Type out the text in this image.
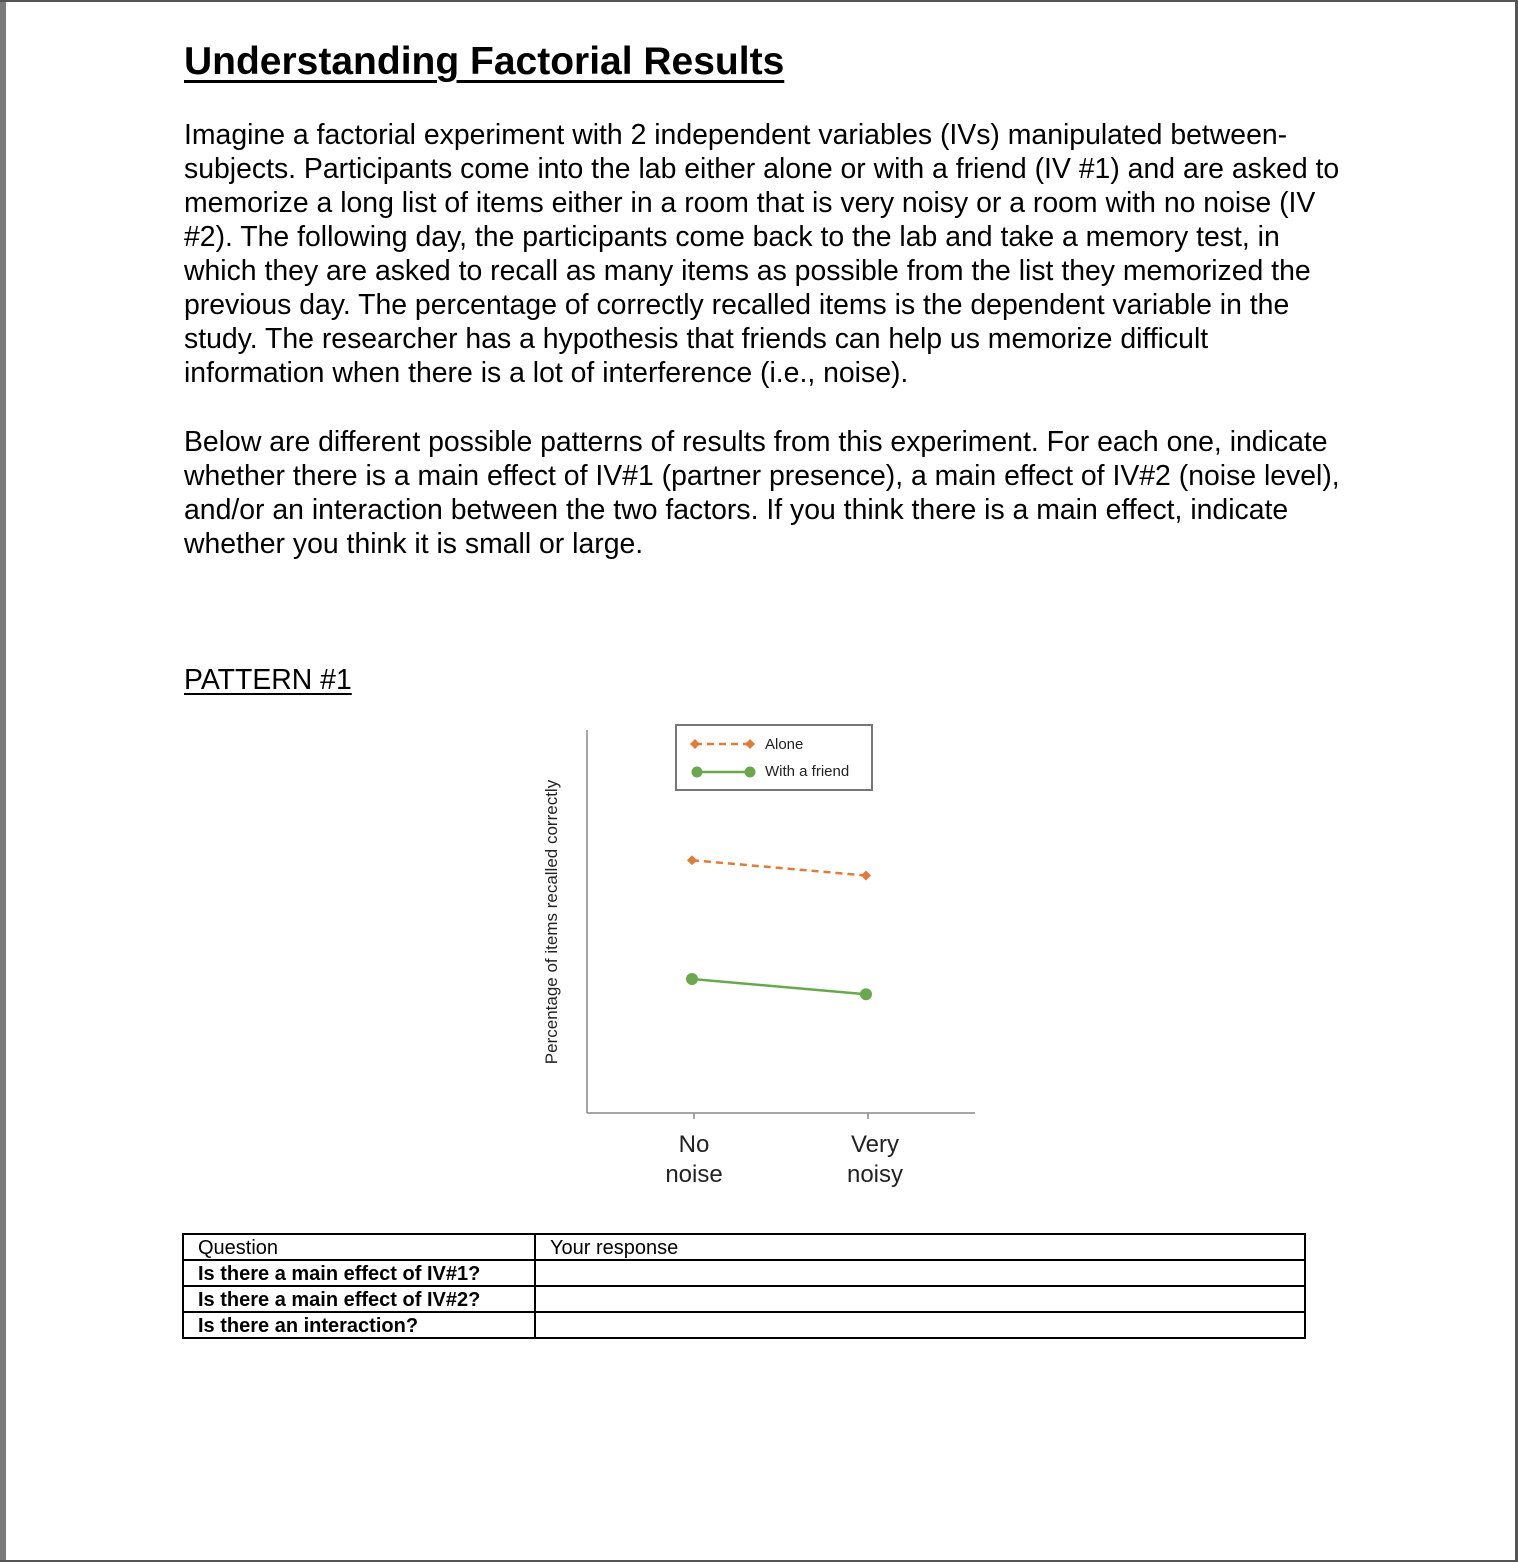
Understanding Factorial Results

Imagine a factorial experiment with 2 independent variables (IVs) manipulated between-subjects. Participants come into the lab either alone or with a friend (IV #1) and are asked to memorize a long list of items either in a room that is very noisy or a room with no noise (IV #2). The following day, the participants come back to the lab and take a memory test, in which they are asked to recall as many items as possible from the list they memorized the previous day. The percentage of correctly recalled items is the dependent variable in the study. The researcher has a hypothesis that friends can help us memorize difficult information when there is a lot of interference (i.e., noise).

Below are different possible patterns of results from this experiment. For each one, indicate whether there is a main effect of IV#1 (partner presence), a main effect of IV#2 (noise level), and/or an interaction between the two factors. If you think there is a main effect, indicate whether you think it is small or large.

PATTERN #1

Percentage of items recalled correctly
No
noise
Very
noisy
Alone
With a friend
Question	Your response
Is there a main effect of IV#1?	
Is there a main effect of IV#2?	
Is there an interaction?	
